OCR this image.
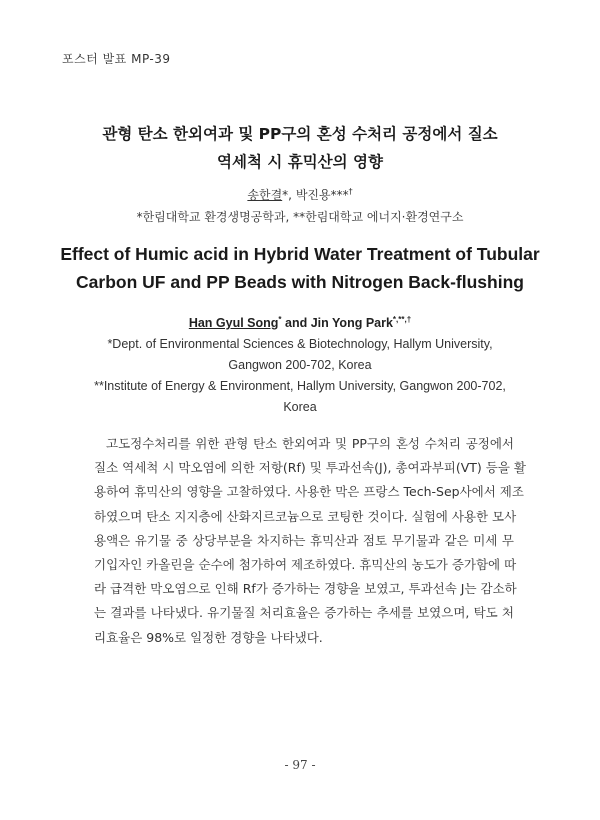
포스터 발표 MP-39
관형 탄소 한외여과 및 PP구의 혼성 수처리 공정에서 질소
역세척 시 휴믹산의 영향
송한결*, 박진용***†
*한림대학교 환경생명공학과, **한림대학교 에너지·환경연구소
Effect of Humic acid in Hybrid Water Treatment of Tubular
Carbon UF and PP Beads with Nitrogen Back-flushing
Han Gyul Song* and Jin Yong Park*,**,†
*Dept. of Environmental Sciences & Biotechnology, Hallym University,
Gangwon 200-702, Korea
**Institute of Energy & Environment, Hallym University, Gangwon 200-702,
Korea
고도정수처리를 위한 관형 탄소 한외여과 및 PP구의 혼성 수처리 공정에서
질소 역세척 시 막오염에 의한 저항(Rf) 및 투과선속(J), 총여과부피(VT) 등을 활
용하여 휴믹산의 영향을 고찰하였다. 사용한 막은 프랑스 Tech-Sep사에서 제조
하였으며 탄소 지지층에 산화지르코늄으로 코팅한 것이다. 실험에 사용한 모사
용액은 유기물 중 상당부분을 차지하는 휴믹산과 점토 무기물과 같은 미세 무
기입자인 카올린을 순수에 첨가하여 제조하였다. 휴믹산의 농도가 증가함에 따
라 급격한 막오염으로 인해 Rf가 증가하는 경향을 보였고, 투과선속 J는 감소하
는 결과를 나타냈다. 유기물질 처리효율은 증가하는 추세를 보였으며, 탁도 처
리효율은 98%로 일정한 경향을 나타냈다.
- 97 -
